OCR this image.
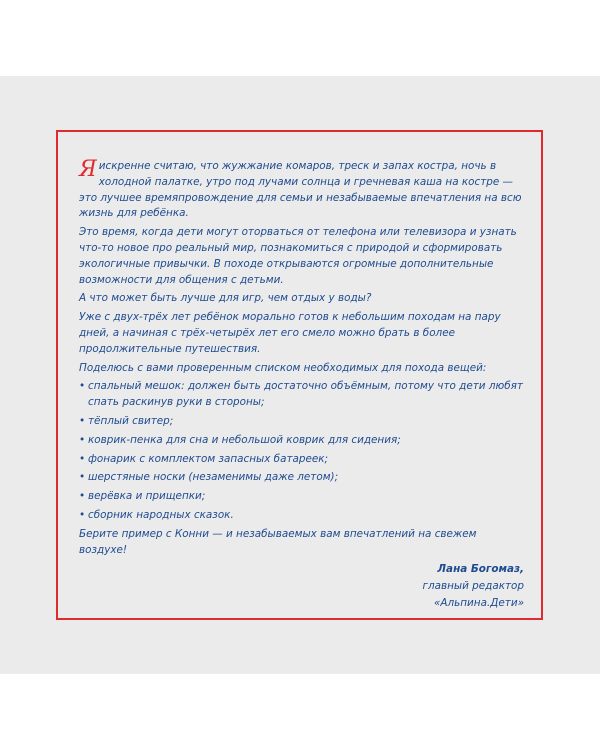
Я искренне считаю, что жужжание комаров, треск и запах костра, ночь в холодной палатке, утро под лучами солнца и гречневая каша на костре — это лучшее времяпровождение для семьи и незабываемые впечатления на всю жизнь для ребёнка.

Это время, когда дети могут оторваться от телефона или телевизора и узнать что-то новое про реальный мир, познакомиться с природой и сформировать экологичные привычки. В походе открываются огромные дополнительные возможности для общения с детьми.

А что может быть лучше для игр, чем отдых у воды?

Уже с двух-трёх лет ребёнок морально готов к небольшим походам на пару дней, а начиная с трёх-четырёх лет его смело можно брать в более продолжительные путешествия.

Поделюсь с вами проверенным списком необходимых для похода вещей:

• спальный мешок: должен быть достаточно объёмным, потому что дети любят спать раскинув руки в стороны;
• тёплый свитер;
• коврик-пенка для сна и небольшой коврик для сидения;
• фонарик с комплектом запасных батареек;
• шерстяные носки (незаменимы даже летом);
• верёвка и прищепки;
• сборник народных сказок.

Берите пример с Конни — и незабываемых вам впечатлений на свежем воздухе!

Лана Богомаз,
главный редактор
«Альпина.Дети»
